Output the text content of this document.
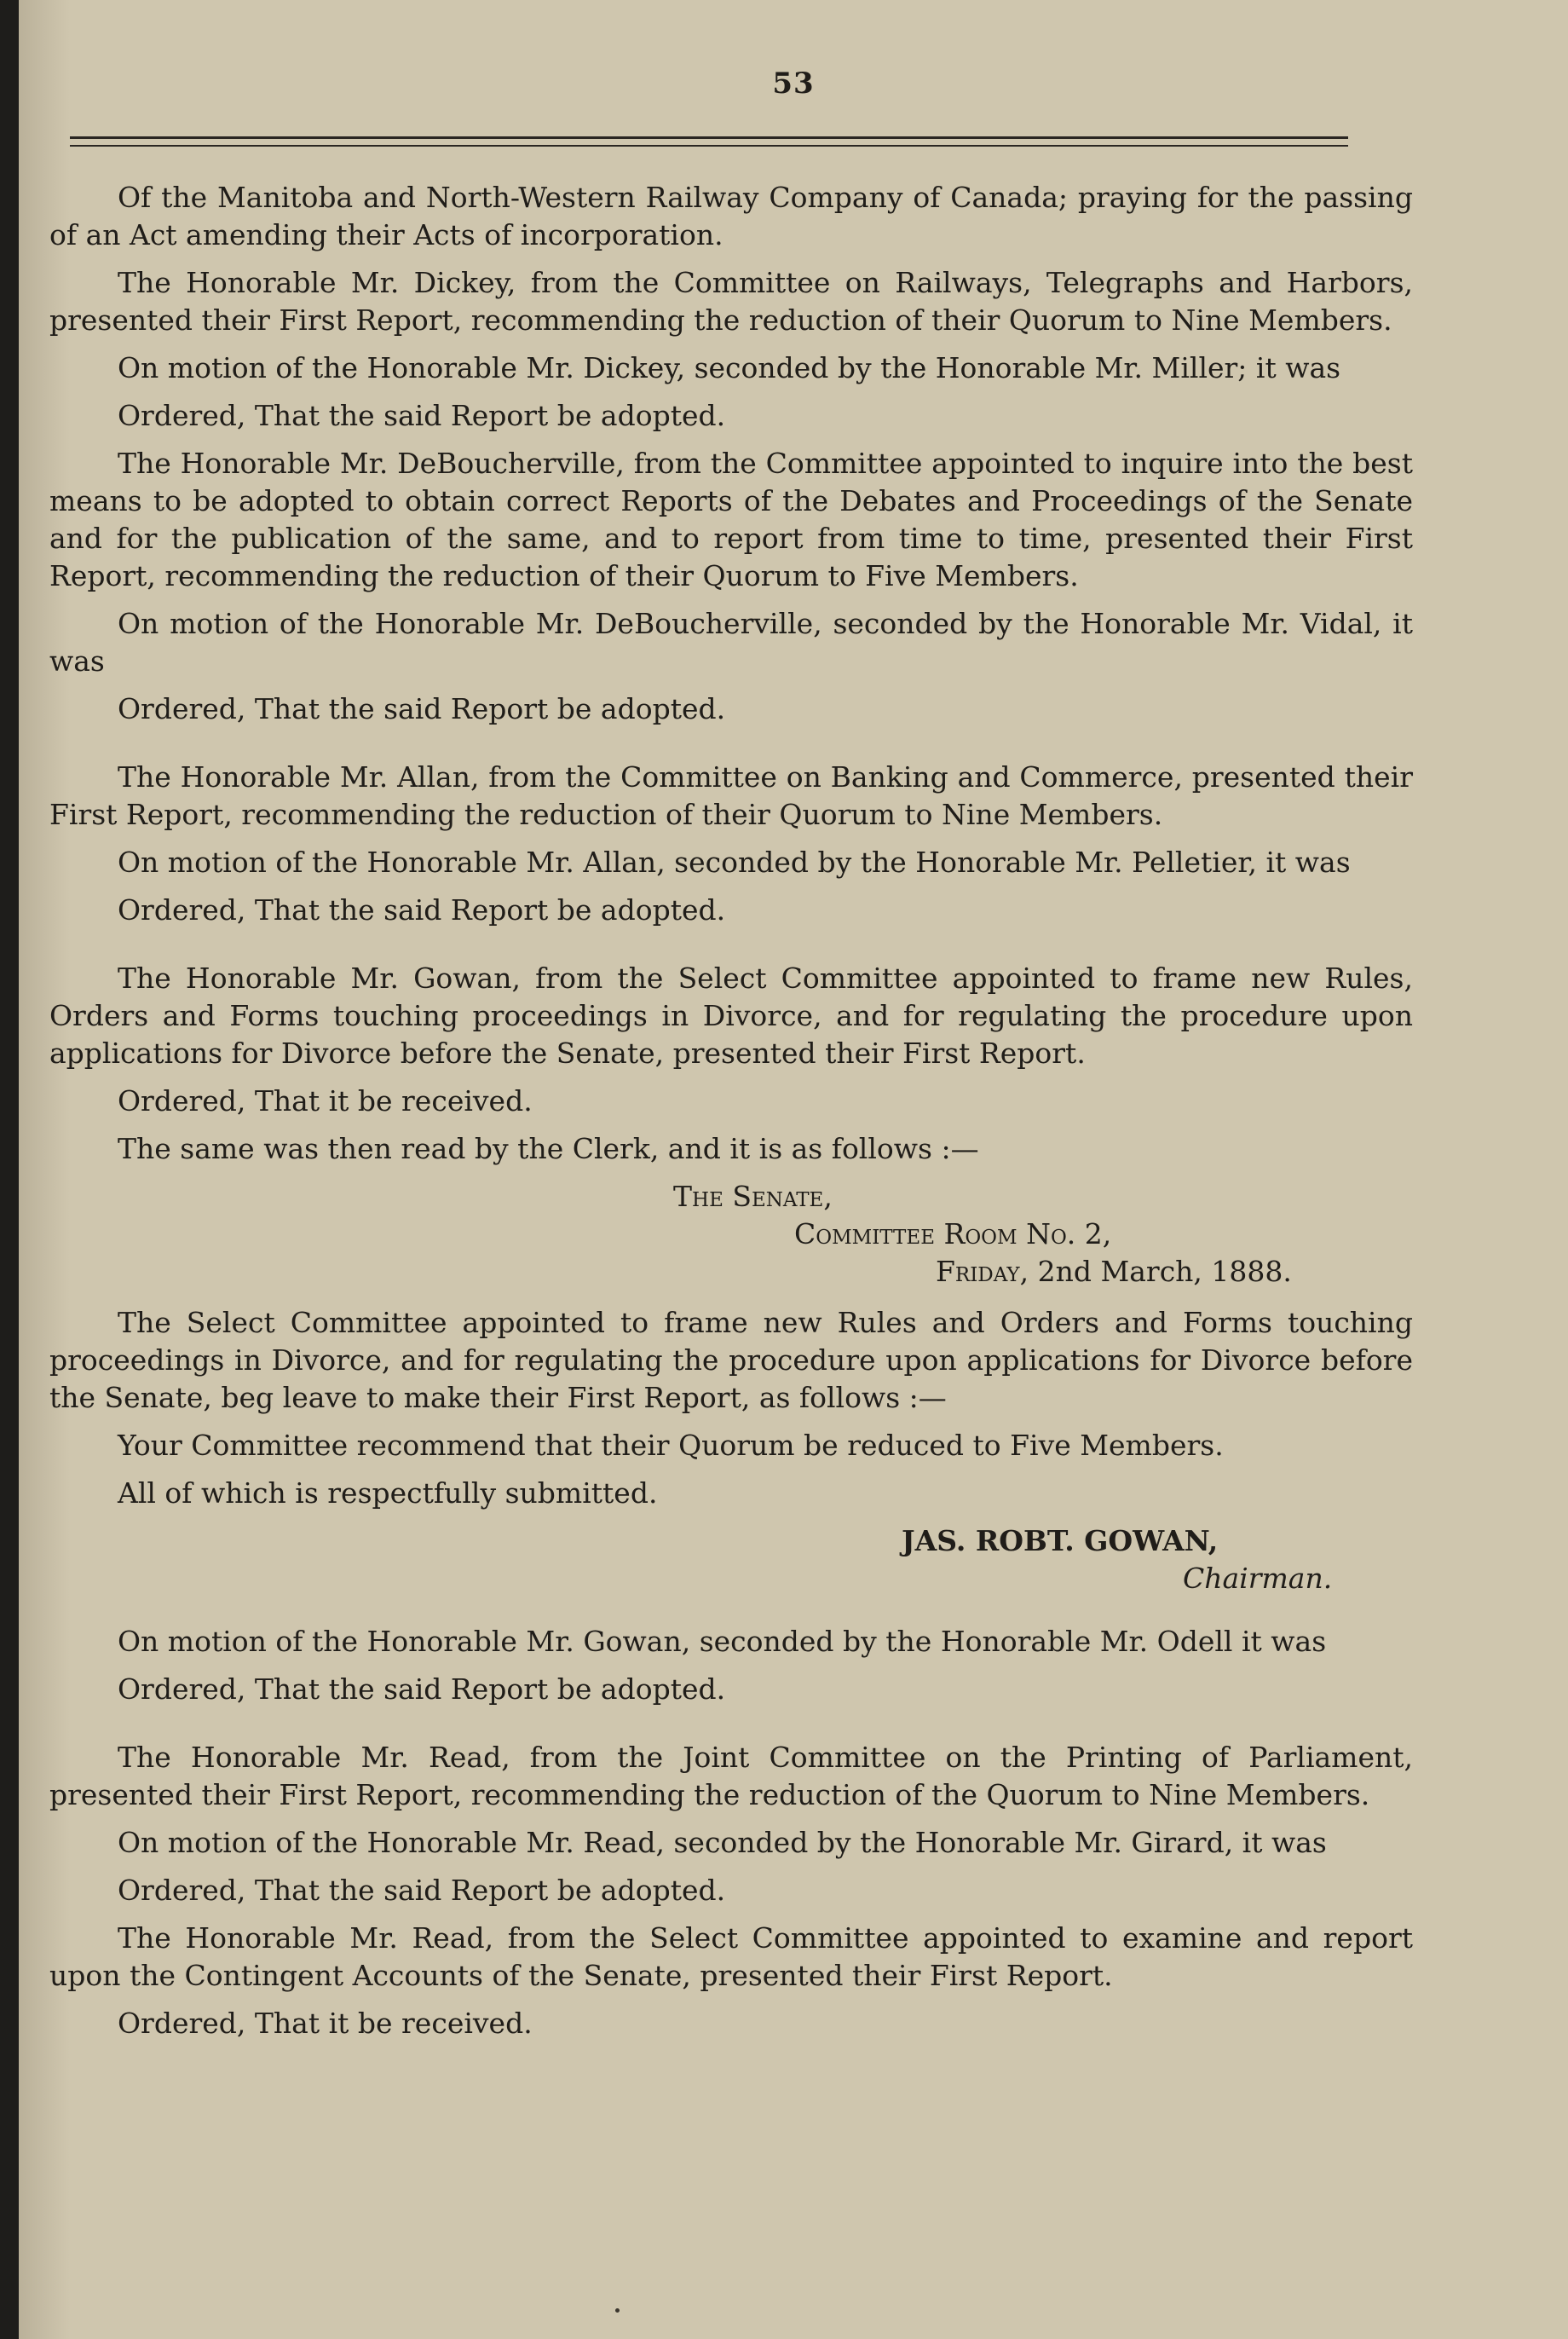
53

Of the Manitoba and North-Western Railway Company of Canada; praying for the passing of an Act amending their Acts of incorporation.

The Honorable Mr. Dickey, from the Committee on Railways, Telegraphs and Harbors, presented their First Report, recommending the reduction of their Quorum to Nine Members.

On motion of the Honorable Mr. Dickey, seconded by the Honorable Mr. Miller; it was

Ordered, That the said Report be adopted.

The Honorable Mr. DeBoucherville, from the Committee appointed to inquire into the best means to be adopted to obtain correct Reports of the Debates and Proceedings of the Senate and for the publication of the same, and to report from time to time, presented their First Report, recommending the reduction of their Quorum to Five Members.

On motion of the Honorable Mr. DeBoucherville, seconded by the Honorable Mr. Vidal, it was

Ordered, That the said Report be adopted.

The Honorable Mr. Allan, from the Committee on Banking and Commerce, presented their First Report, recommending the reduction of their Quorum to Nine Members.

On motion of the Honorable Mr. Allan, seconded by the Honorable Mr. Pelletier, it was

Ordered, That the said Report be adopted.

The Honorable Mr. Gowan, from the Select Committee appointed to frame new Rules, Orders and Forms touching proceedings in Divorce, and for regulating the procedure upon applications for Divorce before the Senate, presented their First Report.

Ordered, That it be received.

The same was then read by the Clerk, and it is as follows :—

The Senate,

Committee Room No. 2,

Friday, 2nd March, 1888.

The Select Committee appointed to frame new Rules and Orders and Forms touching proceedings in Divorce, and for regulating the procedure upon applications for Divorce before the Senate, beg leave to make their First Report, as follows :—

Your Committee recommend that their Quorum be reduced to Five Members.

All of which is respectfully submitted.

JAS. ROBT. GOWAN,

Chairman.

On motion of the Honorable Mr. Gowan, seconded by the Honorable Mr. Odell it was

Ordered, That the said Report be adopted.

The Honorable Mr. Read, from the Joint Committee on the Printing of Parliament, presented their First Report, recommending the reduction of the Quorum to Nine Members.

On motion of the Honorable Mr. Read, seconded by the Honorable Mr. Girard, it was

Ordered, That the said Report be adopted.

The Honorable Mr. Read, from the Select Committee appointed to examine and report upon the Contingent Accounts of the Senate, presented their First Report.

Ordered, That it be received.
